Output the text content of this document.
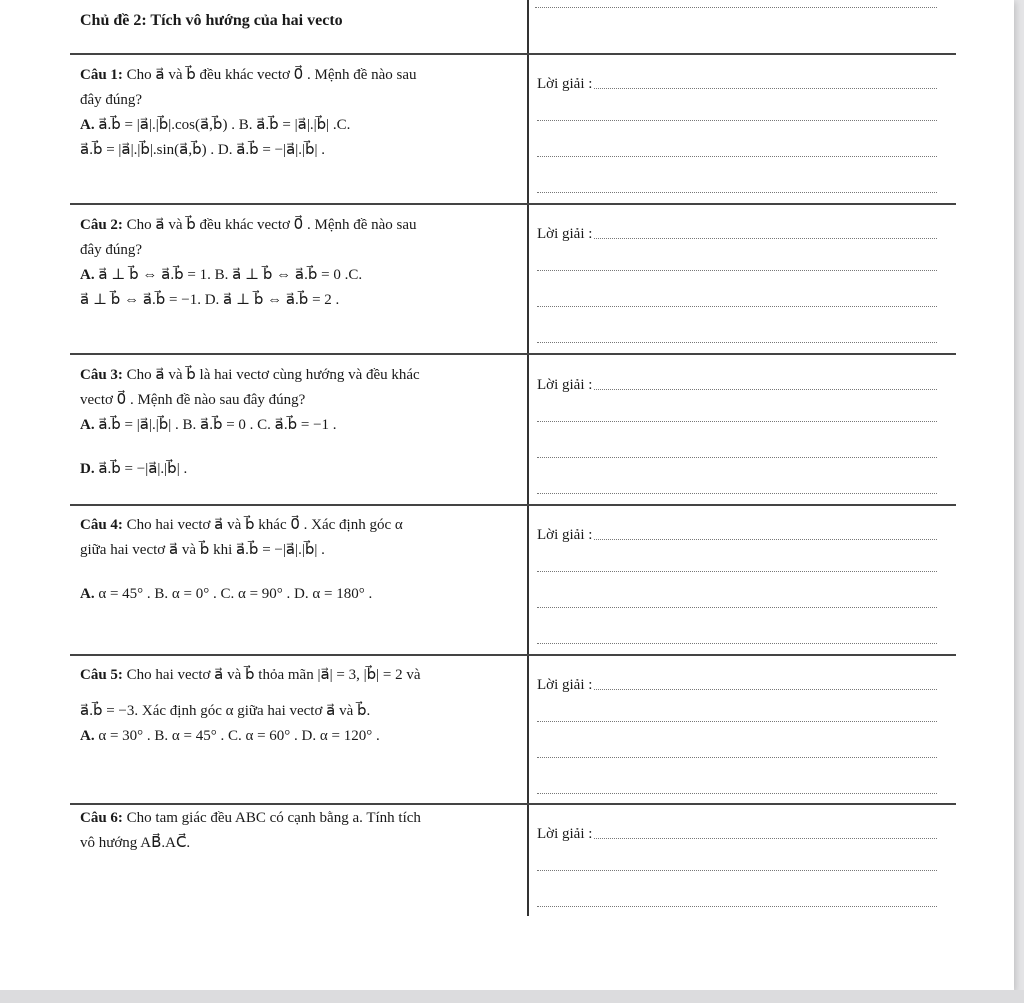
Chủ đề 2: Tích vô hướng của hai vecto
Câu 1: Cho a⃗ và b⃗ đều khác vectơ 0⃗ . Mệnh đề nào sau
đây đúng?
A. a⃗.b⃗ = |a⃗|.|b⃗|.cos(a⃗,b⃗) . B. a⃗.b⃗ = |a⃗|.|b⃗| .C.
a⃗.b⃗ = |a⃗|.|b⃗|.sin(a⃗,b⃗) . D. a⃗.b⃗ = −|a⃗|.|b⃗| .
Lời giải :
Câu 2: Cho a⃗ và b⃗ đều khác vectơ 0⃗ . Mệnh đề nào sau
đây đúng?
A. a⃗ ⊥ b⃗ ⇔ a⃗.b⃗ = 1. B. a⃗ ⊥ b⃗ ⇔ a⃗.b⃗ = 0 .C.
a⃗ ⊥ b⃗ ⇔ a⃗.b⃗ = −1. D. a⃗ ⊥ b⃗ ⇔ a⃗.b⃗ = 2 .
Lời giải :
Câu 3: Cho a⃗ và b⃗ là hai vectơ cùng hướng và đều khác
vectơ 0⃗ . Mệnh đề nào sau đây đúng?
A. a⃗.b⃗ = |a⃗|.|b⃗| . B. a⃗.b⃗ = 0 . C. a⃗.b⃗ = −1 .
D. a⃗.b⃗ = −|a⃗|.|b⃗| .
Lời giải :
Câu 4: Cho hai vectơ a⃗ và b⃗ khác 0⃗ . Xác định góc α
giữa hai vectơ a⃗ và b⃗ khi a⃗.b⃗ = −|a⃗|.|b⃗| .
A. α = 45° . B. α = 0° . C. α = 90° . D. α = 180° .
Lời giải :
Câu 5: Cho hai vectơ a⃗ và b⃗ thỏa mãn |a⃗| = 3, |b⃗| = 2 và
a⃗.b⃗ = −3. Xác định góc α giữa hai vectơ a⃗ và b⃗.
A. α = 30° . B. α = 45° . C. α = 60° . D. α = 120° .
Lời giải :
Câu 6: Cho tam giác đều ABC có cạnh bằng a. Tính tích
vô hướng AB⃗.AC⃗.
Lời giải :
